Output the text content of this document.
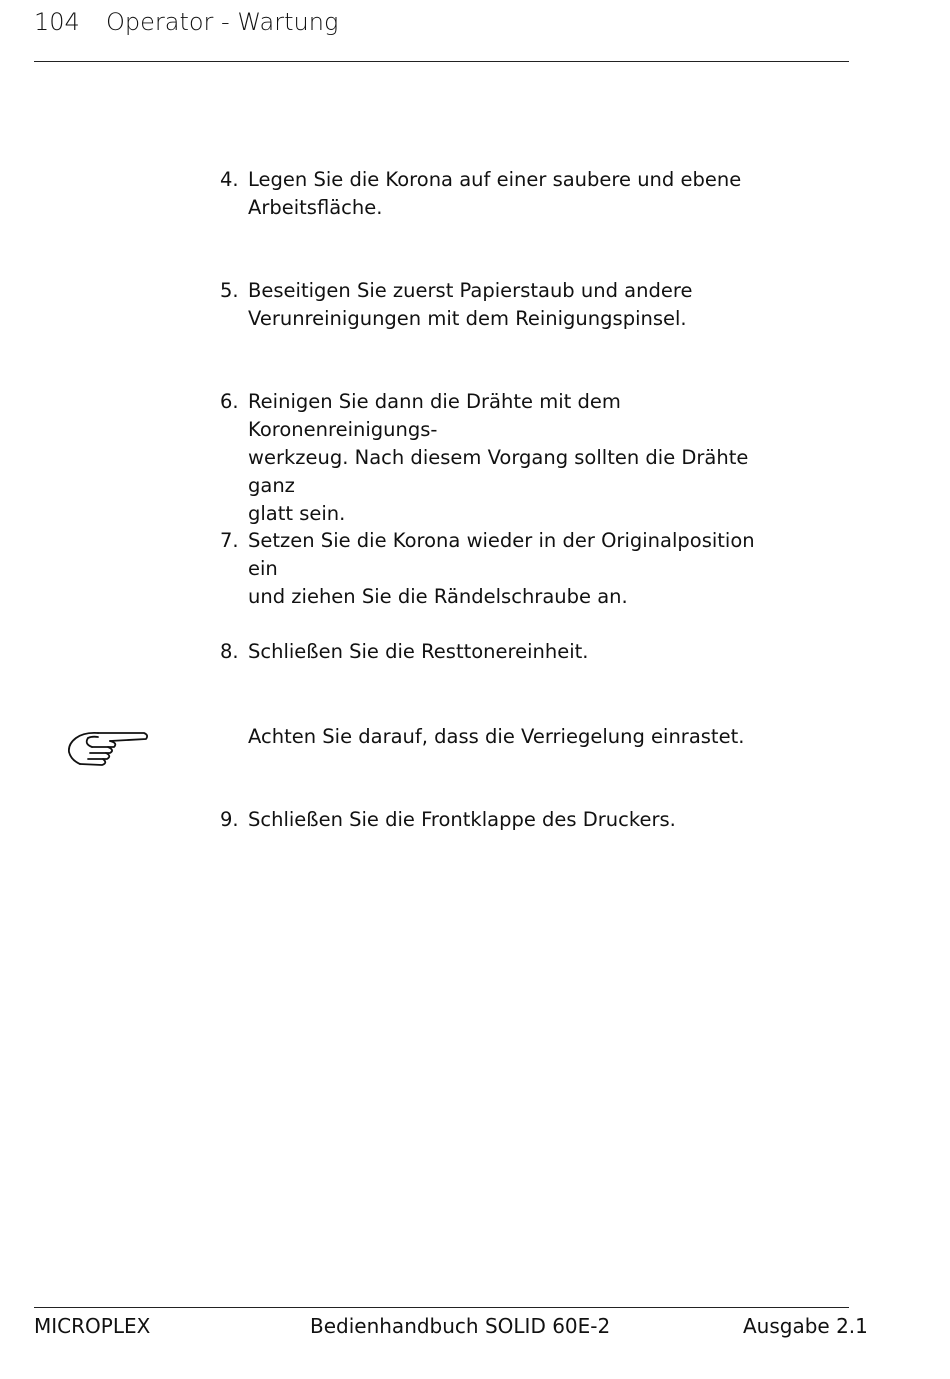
104 Operator - Wartung
4. Legen Sie die Korona auf einer saubere und ebene
Arbeitsfläche.
5. Beseitigen Sie zuerst Papierstaub und andere
Verunreinigungen mit dem Reinigungspinsel.
6. Reinigen Sie dann die Drähte mit dem Koronenreinigungs-
werkzeug. Nach diesem Vorgang sollten die Drähte ganz
glatt sein.
7. Setzen Sie die Korona wieder in der Originalposition ein
und ziehen Sie die Rändelschraube an.
8. Schließen Sie die Resttonereinheit.
Achten Sie darauf, dass die Verriegelung einrastet.
9. Schließen Sie die Frontklappe des Druckers.
MICROPLEX	Bedienhandbuch SOLID 60E-2	Ausgabe 2.1
